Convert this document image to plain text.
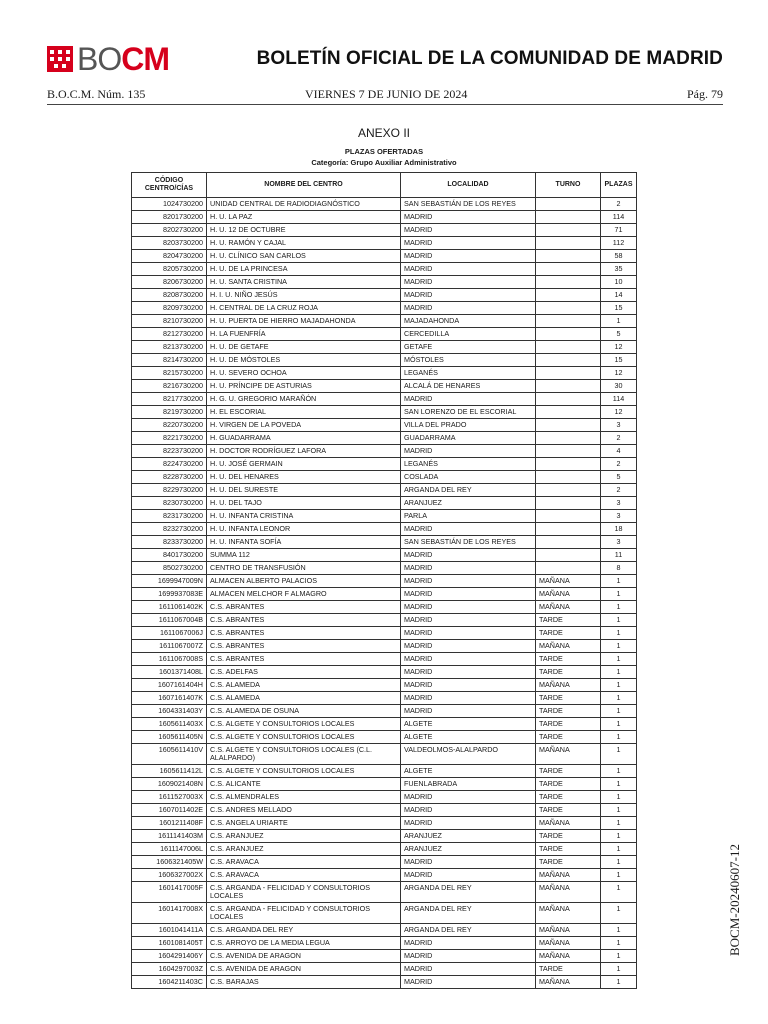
BOCM	BOLETÍN OFICIAL DE LA COMUNIDAD DE MADRID
B.O.C.M. Núm. 135	VIERNES 7 DE JUNIO DE 2024	Pág. 79
ANEXO II
PLAZAS OFERTADAS
Categoría: Grupo Auxiliar Administrativo
CÓDIGO CENTRO/CÍAS	NOMBRE DEL CENTRO	LOCALIDAD	TURNO	PLAZAS
1024730200	UNIDAD CENTRAL DE RADIODIAGNÓSTICO	SAN SEBASTIÁN DE LOS REYES		2
8201730200	H. U. LA PAZ	MADRID		114
8202730200	H. U. 12 DE OCTUBRE	MADRID		71
8203730200	H. U. RAMÓN Y CAJAL	MADRID		112
8204730200	H. U. CLÍNICO SAN CARLOS	MADRID		58
8205730200	H. U. DE LA PRINCESA	MADRID		35
8206730200	H. U. SANTA CRISTINA	MADRID		10
8208730200	H. I. U. NIÑO JESÚS	MADRID		14
8209730200	H. CENTRAL DE LA CRUZ ROJA	MADRID		15
8210730200	H. U. PUERTA DE HIERRO MAJADAHONDA	MAJADAHONDA		1
8212730200	H. LA FUENFRÍA	CERCEDILLA		5
8213730200	H. U. DE GETAFE	GETAFE		12
8214730200	H. U. DE MÓSTOLES	MÓSTOLES		15
8215730200	H. U. SEVERO OCHOA	LEGANÉS		12
8216730200	H. U. PRÍNCIPE DE ASTURIAS	ALCALÁ DE HENARES		30
8217730200	H. G. U. GREGORIO MARAÑÓN	MADRID		114
8219730200	H. EL ESCORIAL	SAN LORENZO DE EL ESCORIAL		12
8220730200	H. VIRGEN DE LA POVEDA	VILLA DEL PRADO		3
8221730200	H. GUADARRAMA	GUADARRAMA		2
8223730200	H. DOCTOR RODRÍGUEZ LAFORA	MADRID		4
8224730200	H. U. JOSÉ GERMAIN	LEGANÉS		2
8228730200	H. U. DEL HENARES	COSLADA		5
8229730200	H. U. DEL SURESTE	ARGANDA DEL REY		2
8230730200	H. U. DEL TAJO	ARANJUEZ		3
8231730200	H. U. INFANTA CRISTINA	PARLA		3
8232730200	H. U. INFANTA LEONOR	MADRID		18
8233730200	H. U. INFANTA SOFÍA	SAN SEBASTIÁN DE LOS REYES		3
8401730200	SUMMA 112	MADRID		11
8502730200	CENTRO DE TRANSFUSIÓN	MADRID		8
1699947009N	ALMACEN ALBERTO PALACIOS	MADRID	MAÑANA	1
1699937083E	ALMACEN MELCHOR F ALMAGRO	MADRID	MAÑANA	1
1611061402K	C.S. ABRANTES	MADRID	MAÑANA	1
1611067004B	C.S. ABRANTES	MADRID	TARDE	1
1611067006J	C.S. ABRANTES	MADRID	TARDE	1
1611067007Z	C.S. ABRANTES	MADRID	MAÑANA	1
1611067008S	C.S. ABRANTES	MADRID	TARDE	1
1601371408L	C.S. ADELFAS	MADRID	TARDE	1
1607161404H	C.S. ALAMEDA	MADRID	MAÑANA	1
1607161407K	C.S. ALAMEDA	MADRID	TARDE	1
1604331403Y	C.S. ALAMEDA DE OSUNA	MADRID	TARDE	1
1605611403X	C.S. ALGETE Y CONSULTORIOS LOCALES	ALGETE	TARDE	1
1605611405N	C.S. ALGETE Y CONSULTORIOS LOCALES	ALGETE	TARDE	1
1605611410V	C.S. ALGETE Y CONSULTORIOS LOCALES (C.L. ALALPARDO)	VALDEOLMOS-ALALPARDO	MAÑANA	1
1605611412L	C.S. ALGETE Y CONSULTORIOS LOCALES	ALGETE	TARDE	1
1609021408N	C.S. ALICANTE	FUENLABRADA	TARDE	1
1611527003X	C.S. ALMENDRALES	MADRID	TARDE	1
1607011402E	C.S. ANDRES MELLADO	MADRID	TARDE	1
1601211408F	C.S. ANGELA URIARTE	MADRID	MAÑANA	1
1611141403M	C.S. ARANJUEZ	ARANJUEZ	TARDE	1
1611147006L	C.S. ARANJUEZ	ARANJUEZ	TARDE	1
1606321405W	C.S. ARAVACA	MADRID	TARDE	1
1606327002X	C.S. ARAVACA	MADRID	MAÑANA	1
1601417005F	C.S. ARGANDA - FELICIDAD Y CONSULTORIOS LOCALES	ARGANDA DEL REY	MAÑANA	1
1601417008X	C.S. ARGANDA - FELICIDAD Y CONSULTORIOS LOCALES	ARGANDA DEL REY	MAÑANA	1
1601041411A	C.S. ARGANDA DEL REY	ARGANDA DEL REY	MAÑANA	1
1601081405T	C.S. ARROYO DE LA MEDIA LEGUA	MADRID	MAÑANA	1
1604291406Y	C.S. AVENIDA DE ARAGON	MADRID	MAÑANA	1
1604297003Z	C.S. AVENIDA DE ARAGON	MADRID	TARDE	1
1604211403C	C.S. BARAJAS	MADRID	MAÑANA	1
BOCM-20240607-12
